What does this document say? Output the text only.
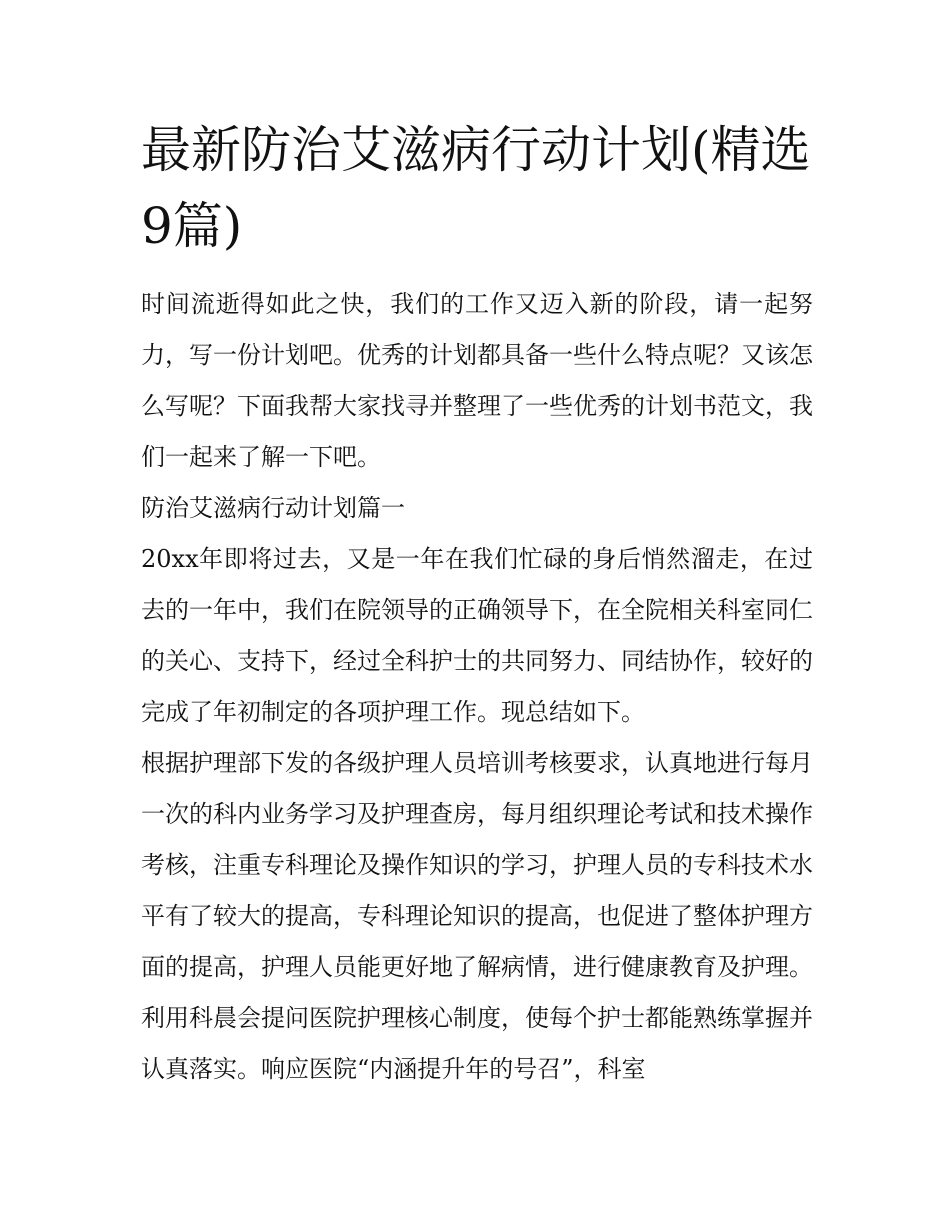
最新防治艾滋病行动计划(精选9篇)

时间流逝得如此之快，我们的工作又迈入新的阶段，请一起努力，写一份计划吧。优秀的计划都具备一些什么特点呢？又该怎么写呢？下面我帮大家找寻并整理了一些优秀的计划书范文，我们一起来了解一下吧。

防治艾滋病行动计划篇一

20xx年即将过去，又是一年在我们忙碌的身后悄然溜走，在过去的一年中，我们在院领导的正确领导下，在全院相关科室同仁的关心、支持下，经过全科护士的共同努力、同结协作，较好的完成了年初制定的各项护理工作。现总结如下。

根据护理部下发的各级护理人员培训考核要求，认真地进行每月一次的科内业务学习及护理查房，每月组织理论考试和技术操作考核，注重专科理论及操作知识的学习，护理人员的专科技术水平有了较大的提高，专科理论知识的提高，也促进了整体护理方面的提高，护理人员能更好地了解病情，进行健康教育及护理。利用科晨会提问医院护理核心制度，使每个护士都能熟练掌握并认真落实。响应医院“内涵提升年的号召”，科室
